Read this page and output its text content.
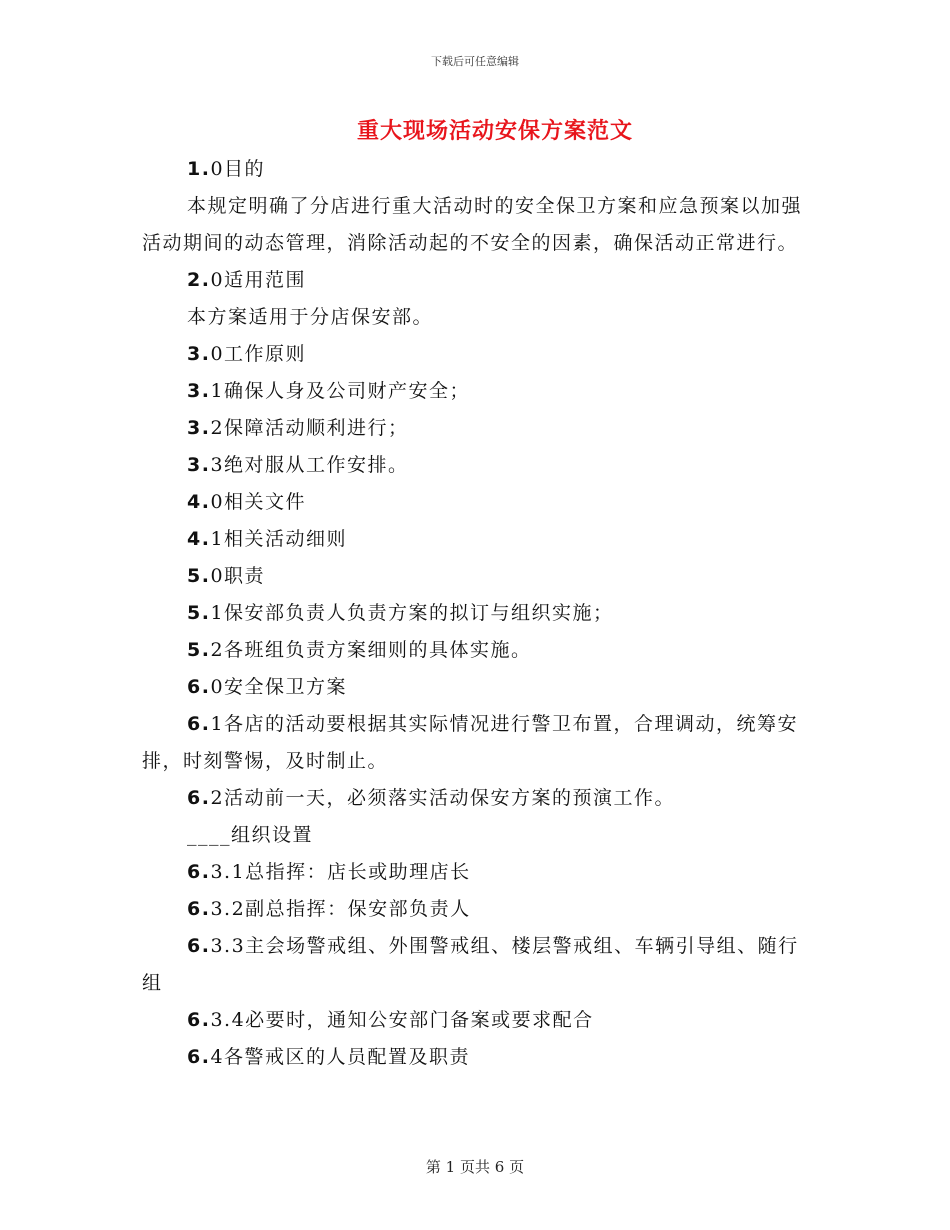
下载后可任意编辑
重大现场活动安保方案范文

1.0目的

本规定明确了分店进行重大活动时的安全保卫方案和应急预案以加强活动期间的动态管理，消除活动起的不安全的因素，确保活动正常进行。

2.0适用范围

本方案适用于分店保安部。

3.0工作原则

3.1确保人身及公司财产安全；

3.2保障活动顺利进行；

3.3绝对服从工作安排。

4.0相关文件

4.1相关活动细则

5.0职责

5.1保安部负责人负责方案的拟订与组织实施；

5.2各班组负责方案细则的具体实施。

6.0安全保卫方案

6.1各店的活动要根据其实际情况进行警卫布置，合理调动，统筹安排，时刻警惕，及时制止。

6.2活动前一天，必须落实活动保安方案的预演工作。

____组织设置

6.3.1总指挥：店长或助理店长

6.3.2副总指挥：保安部负责人

6.3.3主会场警戒组、外围警戒组、楼层警戒组、车辆引导组、随行组

6.3.4必要时，通知公安部门备案或要求配合

6.4各警戒区的人员配置及职责

第 1 页共 6 页
